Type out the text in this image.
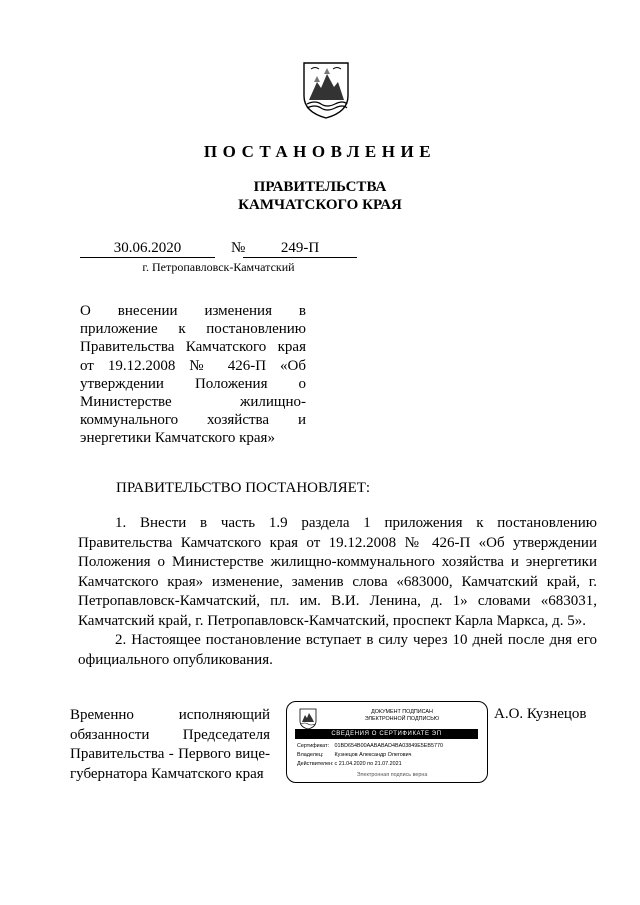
ПОСТАНОВЛЕНИЕ
ПРАВИТЕЛЬСТВА
КАМЧАТСКОГО КРАЯ
30.06.2020	№	249-П
г. Петропавловск-Камчатский
О внесении изменения в
приложение к постановлению
Правительства Камчатского края
от 19.12.2008 № 426-П «Об
утверждении Положения о
Министерстве жилищно-
коммунального хозяйства и
энергетики Камчатского края»
ПРАВИТЕЛЬСТВО ПОСТАНОВЛЯЕТ:
1. Внести в часть 1.9 раздела 1 приложения к постановлению
Правительства Камчатского края от 19.12.2008 № 426-П «Об утверждении
Положения о Министерстве жилищно-коммунального хозяйства и энергетики
Камчатского края» изменение, заменив слова «683000, Камчатский край, г.
Петропавловск-Камчатский, пл. им. В.И. Ленина, д. 1» словами «683031,
Камчатский край, г. Петропавловск-Камчатский, проспект Карла Маркса, д. 5».
2. Настоящее постановление вступает в силу через 10 дней после дня его
официального опубликования.
Временно исполняющий
обязанности Председателя
Правительства - Первого вице-
губернатора Камчатского края
ДОКУМЕНТ ПОДПИСАН
ЭЛЕКТРОННОЙ ПОДПИСЬЮ
СВЕДЕНИЯ О СЕРТИФИКАТЕ ЭП
Сертификат: 01BD654B00AABABAD4BA03849E5EB5770
Владелец: Кузнецов Александр Олегович
Действителен: с 21.04.2020 по 21.07.2021
Электронная подпись верна
А.О. Кузнецов
